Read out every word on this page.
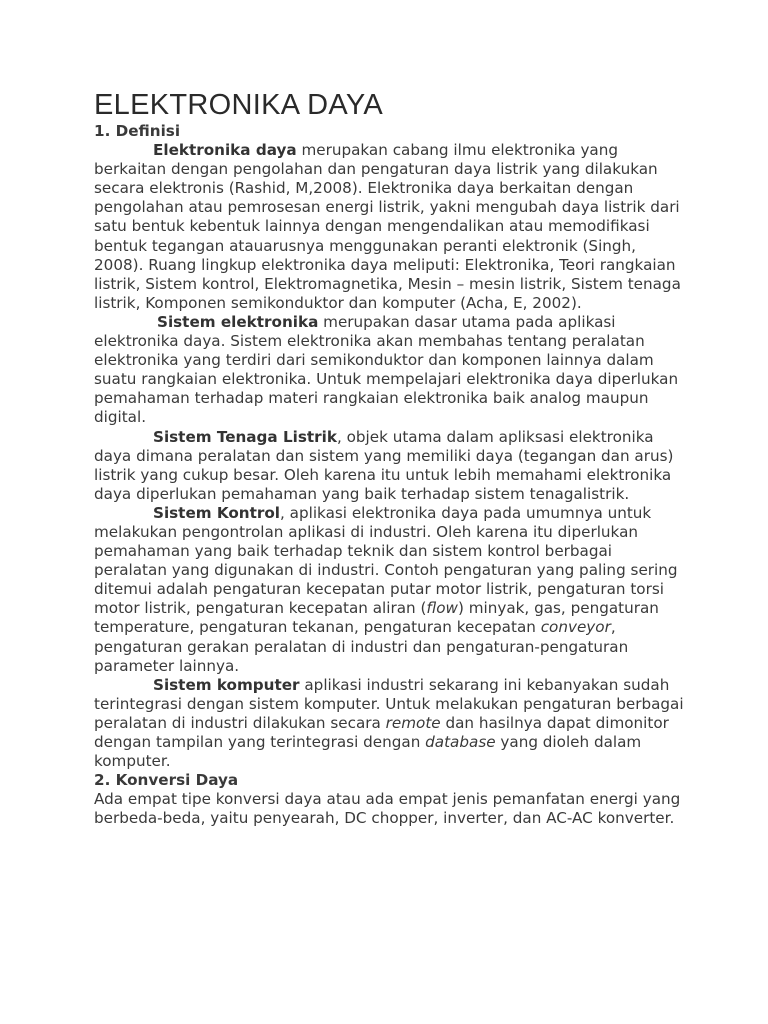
ELEKTRONIKA DAYA
1. Definisi

Elektronika daya merupakan cabang ilmu elektronika yang berkaitan dengan pengolahan dan pengaturan daya listrik yang dilakukan secara elektronis (Rashid, M,2008). Elektronika daya berkaitan dengan pengolahan atau pemrosesan energi listrik, yakni mengubah daya listrik dari satu bentuk kebentuk lainnya dengan mengendalikan atau memodifikasi bentuk tegangan atauarusnya menggunakan peranti elektronik (Singh, 2008). Ruang lingkup elektronika daya meliputi: Elektronika, Teori rangkaian listrik, Sistem kontrol, Elektromagnetika, Mesin – mesin listrik, Sistem tenaga listrik, Komponen semikonduktor dan komputer (Acha, E, 2002).

Sistem elektronika merupakan dasar utama pada aplikasi elektronika daya. Sistem elektronika akan membahas tentang peralatan elektronika yang terdiri dari semikonduktor dan komponen lainnya dalam suatu rangkaian elektronika. Untuk mempelajari elektronika daya diperlukan pemahaman terhadap materi rangkaian elektronika baik analog maupun digital.

Sistem Tenaga Listrik, objek utama dalam apliksasi elektronika daya dimana peralatan dan sistem yang memiliki daya (tegangan dan arus) listrik yang cukup besar. Oleh karena itu untuk lebih memahami elektronika daya diperlukan pemahaman yang baik terhadap sistem tenagalistrik.

Sistem Kontrol, aplikasi elektronika daya pada umumnya untuk melakukan pengontrolan aplikasi di industri. Oleh karena itu diperlukan pemahaman yang baik terhadap teknik dan sistem kontrol berbagai peralatan yang digunakan di industri. Contoh pengaturan yang paling sering ditemui adalah pengaturan kecepatan putar motor listrik, pengaturan torsi motor listrik, pengaturan kecepatan aliran (flow) minyak, gas, pengaturan temperature, pengaturan tekanan, pengaturan kecepatan conveyor, pengaturan gerakan peralatan di industri dan pengaturan-pengaturan parameter lainnya.

Sistem komputer aplikasi industri sekarang ini kebanyakan sudah terintegrasi dengan sistem komputer. Untuk melakukan pengaturan berbagai peralatan di industri dilakukan secara remote dan hasilnya dapat dimonitor dengan tampilan yang terintegrasi dengan database yang dioleh dalam komputer.

2. Konversi Daya

Ada empat tipe konversi daya atau ada empat jenis pemanfatan energi yang berbeda-beda, yaitu penyearah, DC chopper, inverter, dan AC-AC konverter.
